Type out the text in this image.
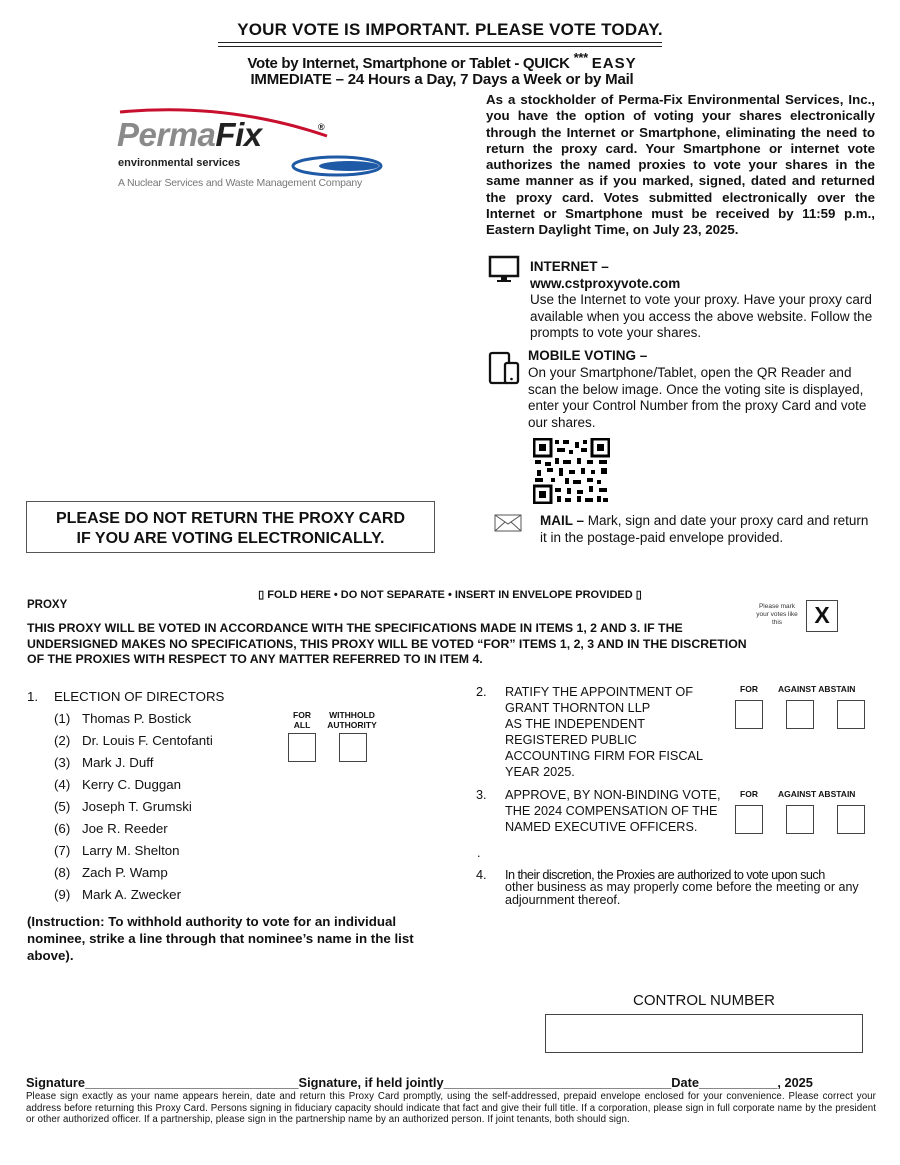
YOUR VOTE IS IMPORTANT. PLEASE VOTE TODAY.
Vote by Internet, Smartphone or Tablet - QUICK *** EASY
IMMEDIATE – 24 Hours a Day, 7 Days a Week or by Mail
PermaFix	®
environmental services
A Nuclear Services and Waste Management Company
As a stockholder of Perma-Fix Environmental Services, Inc., you have the option of voting your shares electronically through the Internet or Smartphone, eliminating the need to return the proxy card. Your Smartphone or internet vote authorizes the named proxies to vote your shares in the same manner as if you marked, signed, dated and returned the proxy card. Votes submitted electronically over the Internet or Smartphone must be received by 11:59 p.m., Eastern Daylight Time, on July 23, 2025.
INTERNET –
www.cstproxyvote.com
Use the Internet to vote your proxy. Have your proxy card available when you access the above website. Follow the prompts to vote your shares.
MOBILE VOTING –
On your Smartphone/Tablet, open the QR Reader and scan the below image. Once the voting site is displayed, enter your Control Number from the proxy Card and vote our shares.
PLEASE DO NOT RETURN THE PROXY CARD
IF YOU ARE VOTING ELECTRONICALLY.
MAIL – Mark, sign and date your proxy card and return it in the postage-paid envelope provided.
▯ FOLD HERE • DO NOT SEPARATE • INSERT IN ENVELOPE PROVIDED ▯
PROXY
THIS PROXY WILL BE VOTED IN ACCORDANCE WITH THE SPECIFICATIONS MADE IN ITEMS 1, 2 AND 3. IF THE UNDERSIGNED MAKES NO SPECIFICATIONS, THIS PROXY WILL BE VOTED “FOR” ITEMS 1, 2, 3 AND IN THE DISCRETION OF THE PROXIES WITH RESPECT TO ANY MATTER REFERRED TO IN ITEM 4.
Please mark your votes like this	X
1. ELECTION OF DIRECTORS
(1) Thomas P. Bostick
(2) Dr. Louis F. Centofanti
(3) Mark J. Duff
(4) Kerry C. Duggan
(5) Joseph T. Grumski
(6) Joe R. Reeder
(7) Larry M. Shelton
(8) Zach P. Wamp
(9) Mark A. Zwecker
FOR ALL
WITHHOLD AUTHORITY
(Instruction: To withhold authority to vote for an individual nominee, strike a line through that nominee’s name in the list above).
2. RATIFY THE APPOINTMENT OF
GRANT THORNTON LLP
AS THE INDEPENDENT
REGISTERED PUBLIC
ACCOUNTING FIRM FOR FISCAL
YEAR 2025.
FOR	AGAINST ABSTAIN
3. APPROVE, BY NON-BINDING VOTE,
THE 2024 COMPENSATION OF THE
NAMED EXECUTIVE OFFICERS.
FOR	AGAINST ABSTAIN
.
4. In their discretion, the Proxies are authorized to vote upon such
other business as may properly come before the meeting or any adjournment thereof.
CONTROL NUMBER
Signature______________________________Signature, if held jointly________________________________Date___________, 2025
Please sign exactly as your name appears herein, date and return this Proxy Card promptly, using the self-addressed, prepaid envelope enclosed for your convenience. Please correct your address before returning this Proxy Card. Persons signing in fiduciary capacity should indicate that fact and give their full title. If a corporation, please sign in full corporate name by the president or other authorized officer. If a partnership, please sign in the partnership name by an authorized person. If joint tenants, both should sign.
